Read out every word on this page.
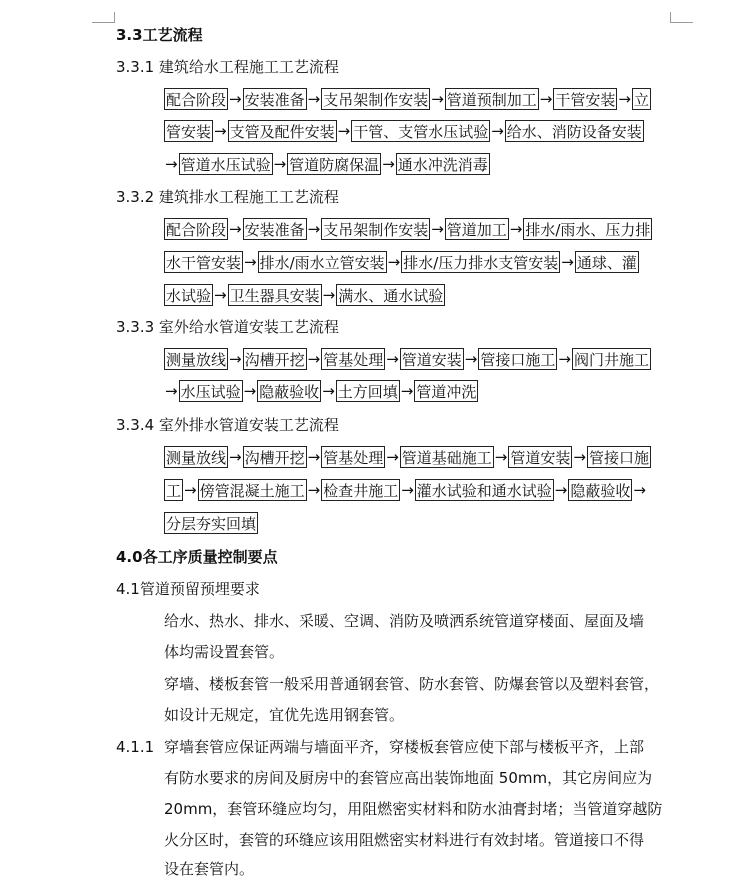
3.3工艺流程
3.3.1 建筑给水工程施工工艺流程
配合阶段 → 安装准备 → 支吊架制作安装 → 管道预制加工 → 干管安装 → 立
管安装 → 支管及配件安装 → 干管、支管水压试验 → 给水、消防设备安装
→ 管道水压试验 → 管道防腐保温 → 通水冲洗消毒
3.3.2 建筑排水工程施工工艺流程
配合阶段 → 安装准备 → 支吊架制作安装 → 管道加工 → 排水/雨水、压力排
水干管安装 → 排水/雨水立管安装 → 排水/压力排水支管安装 → 通球、灌
水试验 → 卫生器具安装 → 满水、通水试验
3.3.3 室外给水管道安装工艺流程
测量放线 → 沟槽开挖 → 管基处理 → 管道安装 → 管接口施工 → 阀门井施工
→ 水压试验 → 隐蔽验收 → 土方回填 → 管道冲洗
3.3.4 室外排水管道安装工艺流程
测量放线 → 沟槽开挖 → 管基处理 → 管道基础施工 → 管道安装 → 管接口施
工 → 傍管混凝土施工 → 检查井施工 → 灌水试验和通水试验 → 隐蔽验收 →
分层夯实回填
4.0各工序质量控制要点
4.1管道预留预埋要求
给水、热水、排水、采暖、空调、消防及喷洒系统管道穿楼面、屋面及墙
体均需设置套管。
穿墙、楼板套管一般采用普通钢套管、防水套管、防爆套管以及塑料套管，
如设计无规定，宜优先选用钢套管。
4.1.1 穿墙套管应保证两端与墙面平齐，穿楼板套管应使下部与楼板平齐，上部
有防水要求的房间及厨房中的套管应高出装饰地面 50mm，其它房间应为
20mm，套管环缝应均匀，用阻燃密实材料和防水油膏封堵；当管道穿越防
火分区时，套管的环缝应该用阻燃密实材料进行有效封堵。管道接口不得
设在套管内。
